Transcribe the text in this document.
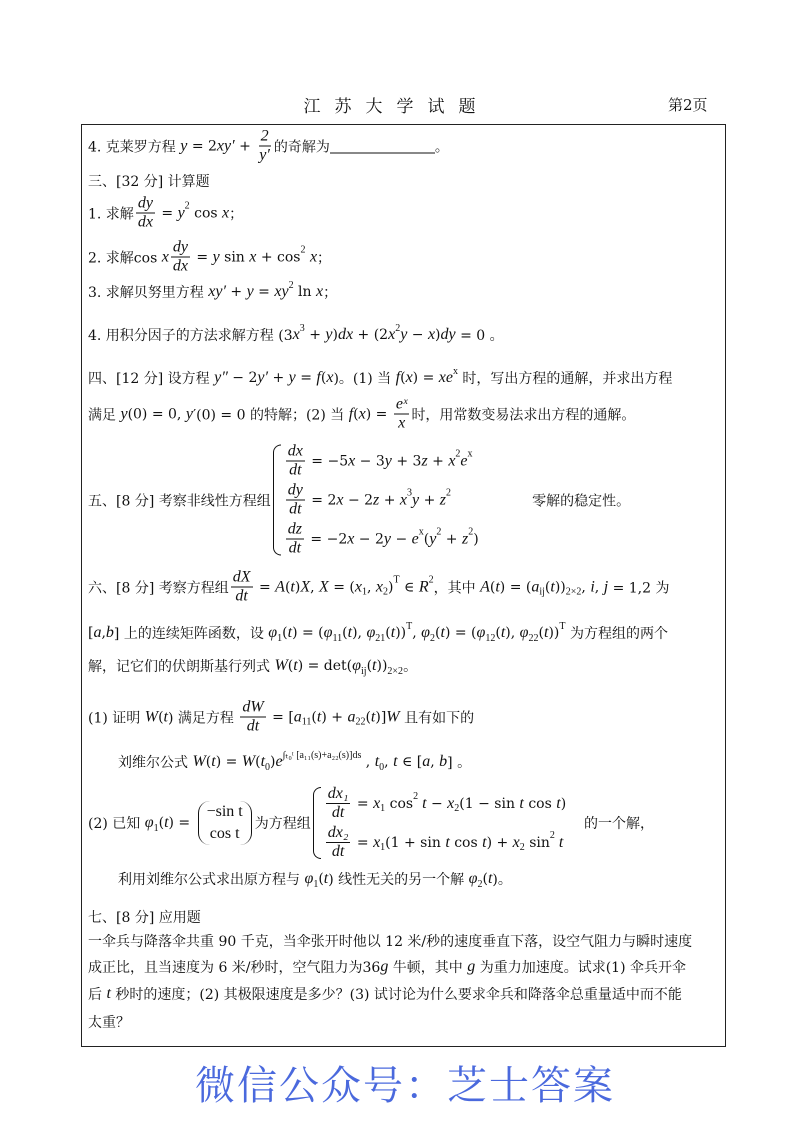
江苏大学试题	第2页
4. 克莱罗方程 y = 2 $xy' + \frac{2}{y'}$ 的奇解为	。
三、[32 分] 计算题
1. 求解 $\frac{dy}{dx} = y$ 2 cos x ；
2. 求解cos x $\frac{dy}{dx} = y$ sin x + cos 2
x ；
3. 求解贝努里方程 xy′ + y = xy 2 ln x ；
4. 用积分因子的方法求解方程 (3 x 3 + y ) dx + (2 x 2 y − x ) dy = 0 。
四、[12 分] 设方程 y″ − 2 y′ + y = f ( x )。(1) 当 f ( x ) = xe x 时，写出方程的通解，并求出方程
满足 y (0) = 0, y ′(0) = 0 的特解；(2) 当 f ( x ) = $\frac{\text{eˣ}}{x}$ 时，用常数变易法求出方程的通解。
五、[8 分] 考察非线性方程组
$\frac{dx}{dt} = -5$ x − 3 y + 3 z + x 2 e x
$\frac{dy}{dt} = 2$ x − 2 z + x 3 y + z 2
$\frac{dz}{dt} = -2$ x − 2 y − e x ( y 2 + z 2 )
零解的稳定性。
六、[8 分] 考察方程组 $\frac{dX}{dt} = A$ ( t ) X , X = ( x 1 , x 2 ) T ∈ R 2 ，其中 A ( t ) = ( a ij ( t )) 2×2 , i , j = 1,2 为
[ a , b ] 上的连续矩阵函数，设 φ 1 ( t ) = ( φ 11 ( t ), φ 21 ( t )) T , φ 2 ( t ) = ( φ 12 ( t ), φ 22 ( t )) T 为方程组的两个
解，记它们的伏朗斯基行列式 W ( t ) = det( φ ij ( t )) 2×2 。
(1) 证明 W ( t ) 满足方程 $\frac{dW}{dt}$ = [ a 11 ( t ) + a 22 ( t )] W 且有如下的
刘维尔公式 W ( t ) = W ( t 0 ) e ∫ₜ₀ᵗ [a₁₁(s)+a₂₂(s)]ds , t 0 , t ∈ [ a , b ] 。
(2) 已知 φ 1 ( t ) =
−sin t
cos t
为方程组
$\frac{\text{dx₁}}{dt} = x$ 1 cos 2 t − x 2 (1 − sin t cos t )
$\frac{\text{dx₂}}{dt} = x$ 1 (1 + sin t cos t ) + x 2 sin 2 t
的一个解，
利用刘维尔公式求出原方程与 φ 1 ( t ) 线性无关的另一个解 φ 2 ( t )。
七、[8 分] 应用题
一伞兵与降落伞共重 90 千克，当伞张开时他以 12 米/秒的速度垂直下落，设空气阻力与瞬时速度
成正比，且当速度为 6 米/秒时，空气阻力为36 g 牛顿，其中 g 为重力加速度。试求(1) 伞兵开伞
后 t 秒时的速度；(2) 其极限速度是多少？(3) 试讨论为什么要求伞兵和降落伞总重量适中而不能
太重？
微信公众号：芝士答案
